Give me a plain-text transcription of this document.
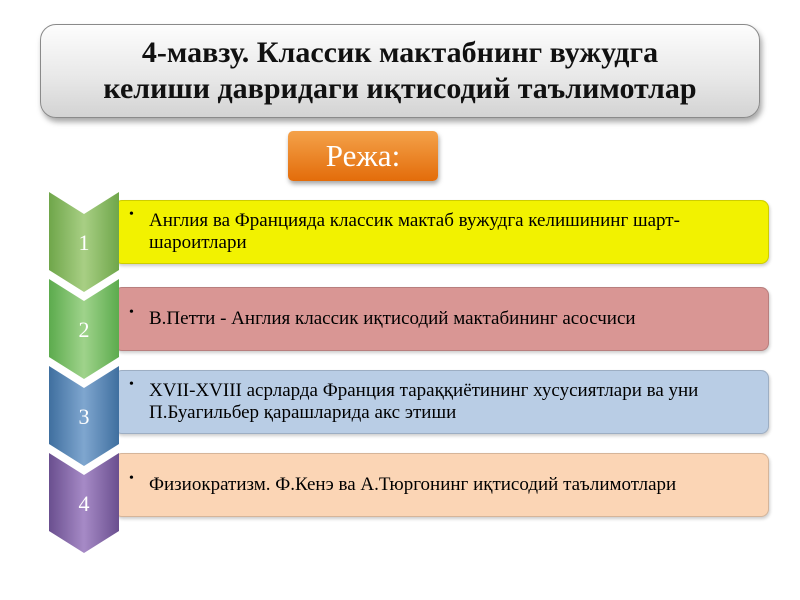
4-мавзу. Классик мактабнинг вужудга
келиши давридаги иқтисодий таълимотлар
Режа:
• Англия ва Францияда классик мактаб вужудга келишининг шарт-шароитлари
1
• В.Петти - Англия классик иқтисодий мактабининг асосчиси
2
• XVII-XVIII асрларда Франция тараққиётининг хусусиятлари ва уни П.Буагильбер қарашларида акс этиши
3
• Физиократизм. Ф.Кенэ ва А.Тюргонинг иқтисодий таълимотлари
4
